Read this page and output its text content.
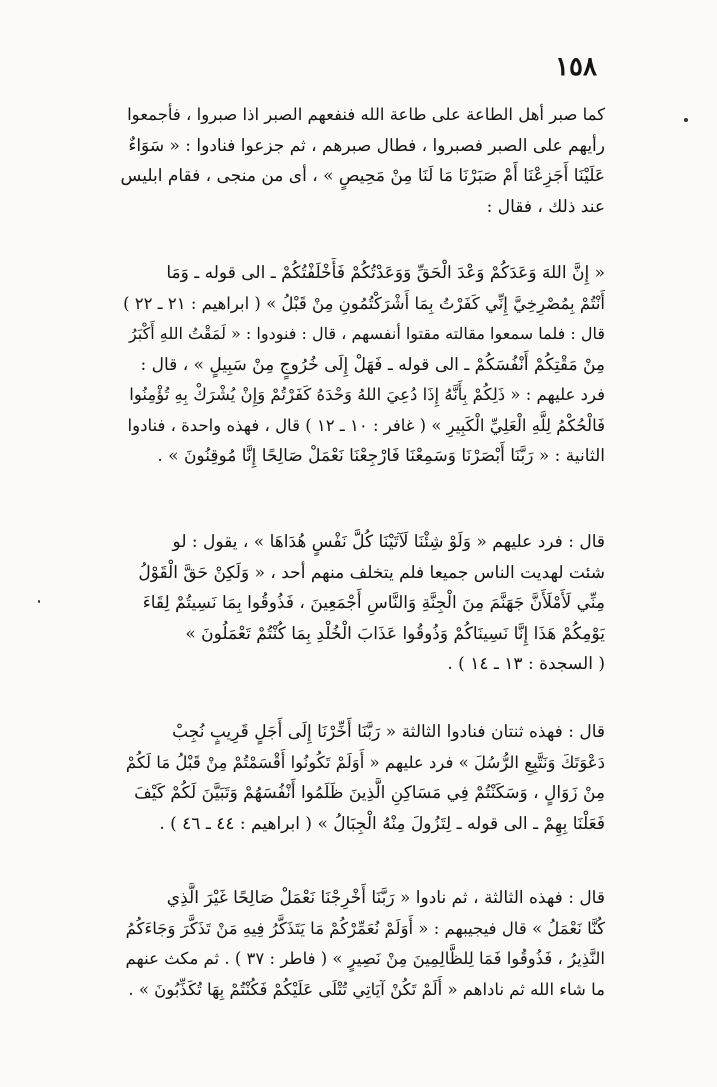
١٥٨

كما صبر أهل الطاعة على طاعة الله فنفعهم الصبر اذا صبروا ، فأجمعوا

رأيهم على الصبر فصبروا ، فطال صبرهم ، ثم جزعوا فنادوا : « سَوَاءٌ

عَلَيْنَا أَجَزِعْنَا أَمْ صَبَرْنَا مَا لَنَا مِنْ مَحِيصٍ » ، أى من منجى ، فقام ابليس

عند ذلك ، فقال :

« إِنَّ اللهَ وَعَدَكُمْ وَعْدَ الْحَقِّ وَوَعَدْتُكُمْ فَأَخْلَفْتُكُمْ ـ الى قوله ـ وَمَا

أَنْتُمْ بِمُصْرِخِيَّ إِنِّي كَفَرْتُ بِمَا أَشْرَكْتُمُونِ مِنْ قَبْلُ » ( ابراهيم : ٢١ ـ ٢٢ )

قال : فلما سمعوا مقالته مقتوا أنفسهم ، قال : فنودوا : « لَمَقْتُ اللهِ أَكْبَرُ

مِنْ مَقْتِكُمْ أَنْفُسَكُمْ ـ الى قوله ـ فَهَلْ إِلَى خُرُوجٍ مِنْ سَبِيلٍ » ، قال :

فرد عليهم : « ذَلِكُمْ بِأَنَّهُ إِذَا دُعِيَ اللهُ وَحْدَهُ كَفَرْتُمْ وَإِنْ يُشْرَكْ بِهِ تُؤْمِنُوا

فَالْحُكْمُ لِلَّهِ الْعَلِيِّ الْكَبِيرِ » ( غافر : ١٠ ـ ١٢ ) قال ، فهذه واحدة ، فنادوا

الثانية : « رَبَّنَا أَبْصَرْنَا وَسَمِعْنَا فَارْجِعْنَا نَعْمَلْ صَالِحًا إِنَّا مُوقِنُونَ » .

قال : فرد عليهم « وَلَوْ شِئْنَا لَآتَيْنَا كُلَّ نَفْسٍ هُدَاهَا » ، يقول : لو

شئت لهديت الناس جميعا فلم يتخلف منهم أحد ، « وَلَكِنْ حَقَّ الْقَوْلُ

مِنِّي لَأَمْلَأَنَّ جَهَنَّمَ مِنَ الْجِنَّةِ وَالنَّاسِ أَجْمَعِينَ ، فَذُوقُوا بِمَا نَسِيتُمْ لِقَاءَ

يَوْمِكُمْ هَذَا إِنَّا نَسِينَاكُمْ وَذُوقُوا عَذَابَ الْخُلْدِ بِمَا كُنْتُمْ تَعْمَلُونَ »

( السجدة : ١٣ ـ ١٤ ) .

قال : فهذه ثنتان فنادوا الثالثة « رَبَّنَا أَخِّرْنَا إِلَى أَجَلٍ قَرِيبٍ نُجِبْ

دَعْوَتَكَ وَنَتَّبِعِ الرُّسُلَ » فرد عليهم « أَوَلَمْ تَكُونُوا أَقْسَمْتُمْ مِنْ قَبْلُ مَا لَكُمْ

مِنْ زَوَالٍ ، وَسَكَنْتُمْ فِي مَسَاكِنِ الَّذِينَ ظَلَمُوا أَنْفُسَهُمْ وَتَبَيَّنَ لَكُمْ كَيْفَ

فَعَلْنَا بِهِمْ ـ الى قوله ـ لِتَزُولَ مِنْهُ الْجِبَالُ » ( ابراهيم : ٤٤ ـ ٤٦ ) .

قال : فهذه الثالثة ، ثم نادوا « رَبَّنَا أَخْرِجْنَا نَعْمَلْ صَالِحًا غَيْرَ الَّذِي

كُنَّا نَعْمَلُ » قال فيجيبهم : « أَوَلَمْ نُعَمِّرْكُمْ مَا يَتَذَكَّرُ فِيهِ مَنْ تَذَكَّرَ وَجَاءَكُمُ

النَّذِيرُ ، فَذُوقُوا فَمَا لِلظَّالِمِينَ مِنْ نَصِيرٍ » ( فاطر : ٣٧ ) . ثم مكث عنهم

ما شاء الله ثم ناداهم « أَلَمْ تَكُنْ آيَاتِي تُتْلَى عَلَيْكُمْ فَكُنْتُمْ بِهَا تُكَذِّبُونَ » .
